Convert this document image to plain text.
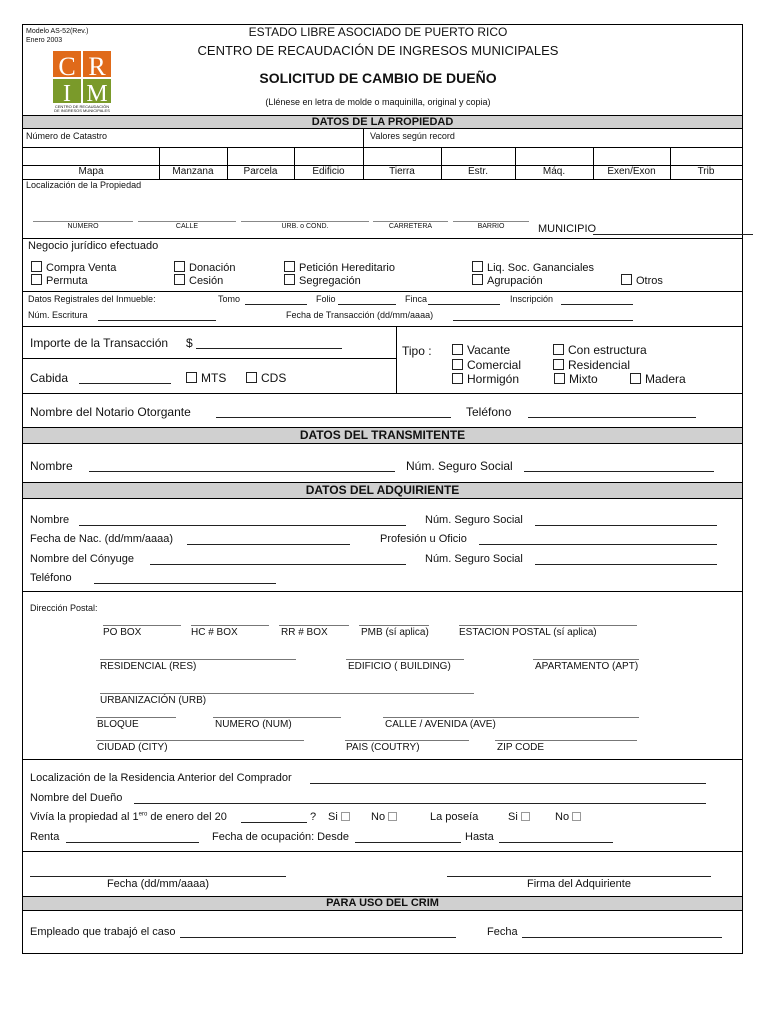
Modelo AS-52(Rev.)
Enero 2003
C R
I M
CENTRO DE RECAUDACIÓN
DE INGRESOS MUNICIPALES
ESTADO LIBRE ASOCIADO DE PUERTO RICO
CENTRO DE RECAUDACIÓN DE INGRESOS MUNICIPALES
SOLICITUD DE CAMBIO DE DUEÑO
(Llénese en letra de molde o maquinilla, original y copia)
DATOS DE LA PROPIEDAD
Número de Catastro	Valores según record
Mapa	Manzana	Parcela	Edificio	Tierra	Estr.	Máq.	Exen/Exon	Trib
Localización de la Propiedad
NUMERO	CALLE	URB. o COND.	CARRETERA	BARRIO	MUNICIPIO
Negocio jurídico efectuado
Compra Venta
Permuta
Donación
Cesión
Petición Hereditario
Segregación
Liq. Soc. Gananciales
Agrupación	Otros
Datos Registrales del Inmueble:	Tomo	Folio	Finca	Inscripción
Núm. Escritura	Fecha de Transacción (dd/mm/aaaa)
Importe de la Transacción $
Cabida	MTS	CDS
Tipo :	Vacante	Con estructura
Comercial	Residencial
Hormigón	Mixto	Madera
Nombre del Notario Otorgante	Teléfono
DATOS DEL TRANSMITENTE
Nombre	Núm. Seguro Social
DATOS DEL ADQUIRIENTE
Nombre	Núm. Seguro Social
Fecha de Nac. (dd/mm/aaaa)	Profesión u Oficio
Nombre del Cónyuge	Núm. Seguro Social
Teléfono
Dirección Postal:
PO BOX	HC # BOX	RR # BOX	PMB (sí aplica)	ESTACION POSTAL (sí aplica)
RESIDENCIAL (RES)	EDIFICIO ( BUILDING)	APARTAMENTO (APT)
URBANIZACIÓN (URB)
BLOQUE	NUMERO (NUM)	CALLE / AVENIDA (AVE)
CIUDAD (CITY)	PAIS (COUTRY)	ZIP CODE
Localización de la Residencia Anterior del Comprador
Nombre del Dueño
Vivía la propiedad al $1^{ero}$ de enero del 20	? Si	No	La poseía	Si	No
Renta	Fecha de ocupación: Desde	Hasta
Fecha (dd/mm/aaaa)	Firma del Adquiriente
PARA USO DEL CRIM
Empleado que trabajó el caso	Fecha
